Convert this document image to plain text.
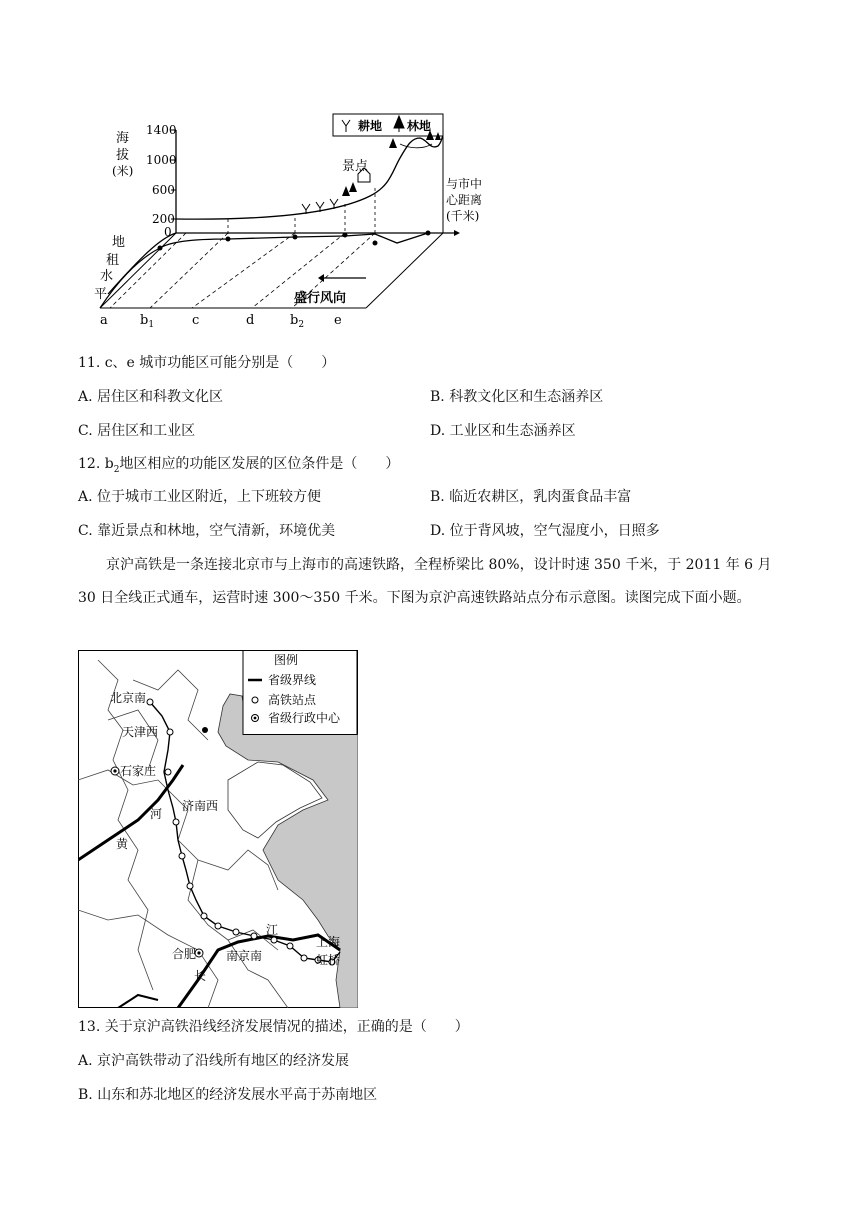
1400
1000
600
200
0
海
拔
(米)
耕地 林地
景点
与市中
心距离
(千米)
地
租
水
平	盛行风向
a $b_1$	c	d	$b_2$ e
11. c、e 城市功能区可能分别是（　　）
A. 居住区和科教文化区	B. 科教文化区和生态涵养区
C. 居住区和工业区	D. 工业区和生态涵养区
12. $b_2$地区相应的功能区发展的区位条件是（　　）
A. 位于城市工业区附近，上下班较方便	B. 临近农耕区，乳肉蛋食品丰富
C. 靠近景点和林地，空气清新，环境优美	D. 位于背风坡，空气湿度小，日照多
京沪高铁是一条连接北京市与上海市的高速铁路，全程桥梁比 80%，设计时速 350 千米，于 2011 年 6 月 30 日全线正式通车，运营时速 300～350 千米。下图为京沪高速铁路站点分布示意图。读图完成下面小题。
图例
省级界线
高铁站点
省级行政中心
北京南
天津西
石家庄
河
济南西
黄
江
上海
虹桥
合肥 南京南
长
13. 关于京沪高铁沿线经济发展情况的描述，正确的是（　　）
A. 京沪高铁带动了沿线所有地区的经济发展
B. 山东和苏北地区的经济发展水平高于苏南地区
